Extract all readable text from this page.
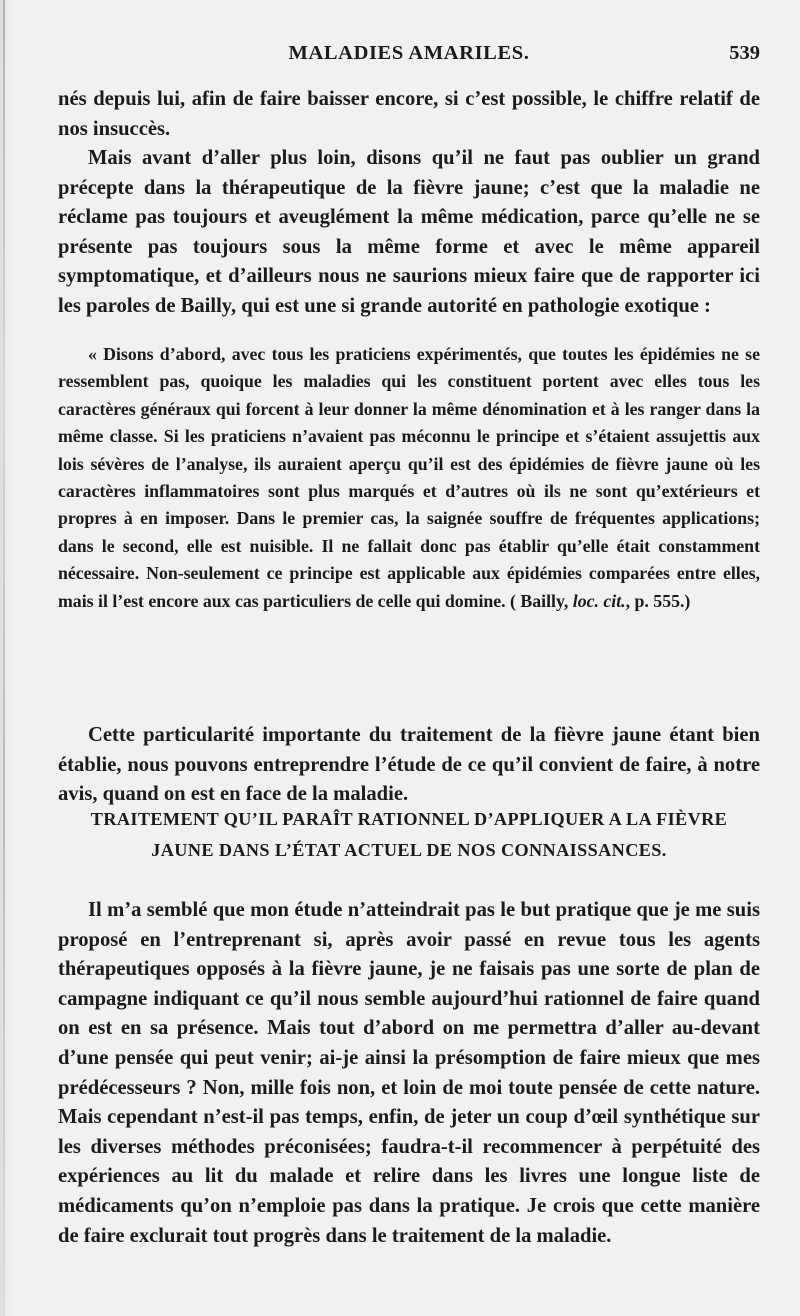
MALADIES AMARILES.	539

nés depuis lui, afin de faire baisser encore, si c’est possible, le chiffre relatif de nos insuccès.

Mais avant d’aller plus loin, disons qu’il ne faut pas oublier un grand précepte dans la thérapeutique de la fièvre jaune; c’est que la maladie ne réclame pas toujours et aveuglément la même médication, parce qu’elle ne se présente pas toujours sous la même forme et avec le même appareil symptomatique, et d’ailleurs nous ne saurions mieux faire que de rapporter ici les paroles de Bailly, qui est une si grande autorité en pathologie exotique :

« Disons d’abord, avec tous les praticiens expérimentés, que toutes les épidémies ne se ressemblent pas, quoique les maladies qui les constituent portent avec elles tous les caractères généraux qui forcent à leur donner la même dénomination et à les ranger dans la même classe. Si les praticiens n’avaient pas méconnu le principe et s’étaient assujettis aux lois sévères de l’analyse, ils auraient aperçu qu’il est des épidémies de fièvre jaune où les caractères inflammatoires sont plus marqués et d’autres où ils ne sont qu’extérieurs et propres à en imposer. Dans le premier cas, la saignée souffre de fréquentes applications; dans le second, elle est nuisible. Il ne fallait donc pas établir qu’elle était constamment nécessaire. Non-seulement ce principe est applicable aux épidémies comparées entre elles, mais il l’est encore aux cas particuliers de celle qui domine. ( Bailly, loc. cit., p. 555.)

Cette particularité importante du traitement de la fièvre jaune étant bien établie, nous pouvons entreprendre l’étude de ce qu’il convient de faire, à notre avis, quand on est en face de la maladie.

TRAITEMENT QU’IL PARAÎT RATIONNEL D’APPLIQUER A LA FIÈVRE
JAUNE DANS L’ÉTAT ACTUEL DE NOS CONNAISSANCES.

Il m’a semblé que mon étude n’atteindrait pas le but pratique que je me suis proposé en l’entreprenant si, après avoir passé en revue tous les agents thérapeutiques opposés à la fièvre jaune, je ne faisais pas une sorte de plan de campagne indiquant ce qu’il nous semble aujourd’hui rationnel de faire quand on est en sa présence. Mais tout d’abord on me permettra d’aller au-devant d’une pensée qui peut venir; ai-je ainsi la présomption de faire mieux que mes prédécesseurs ? Non, mille fois non, et loin de moi toute pensée de cette nature. Mais cependant n’est-il pas temps, enfin, de jeter un coup d’œil synthétique sur les diverses méthodes préconisées; faudra-t-il recommencer à perpétuité des expériences au lit du malade et relire dans les livres une longue liste de médicaments qu’on n’emploie pas dans la pratique. Je crois que cette manière de faire exclurait tout progrès dans le traitement de la maladie.
